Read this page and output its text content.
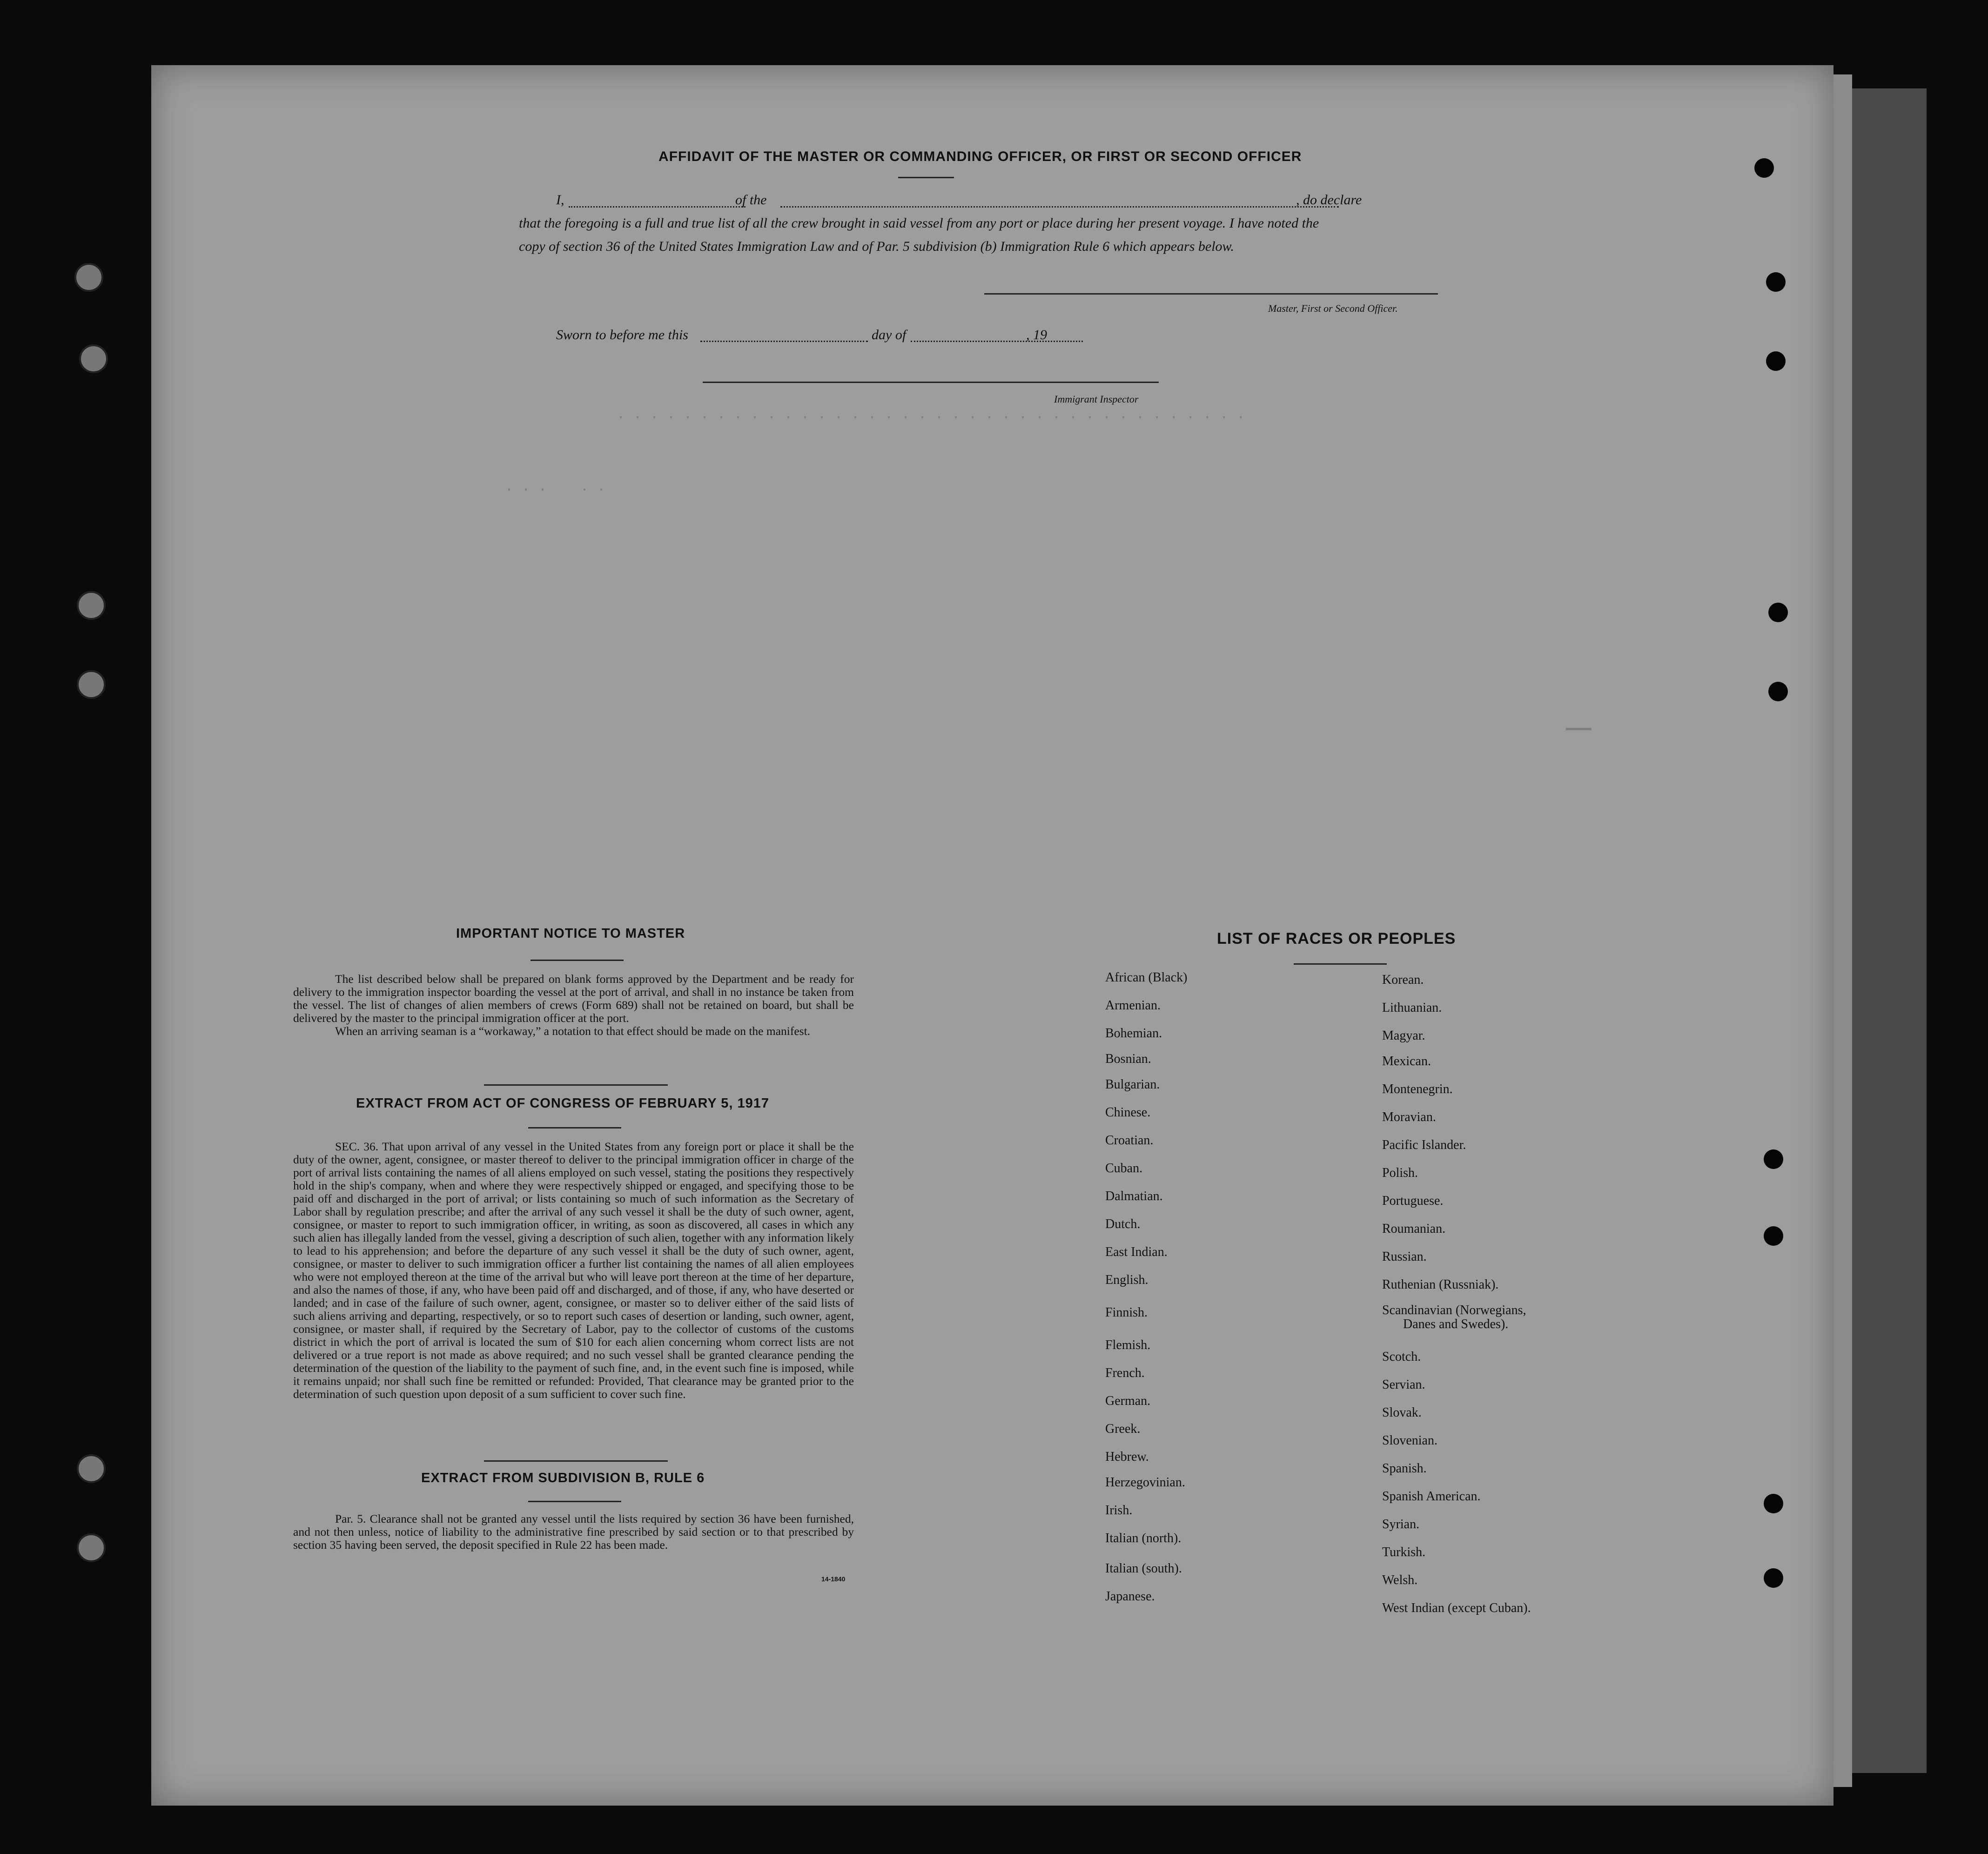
. . . . . . . . . . . . . . . . . . . . . . . . . . . . . . . . . . . . . .
. . .    . .
━━━
AFFIDAVIT OF THE MASTER OR COMMANDING OFFICER, OR FIRST OR SECOND OFFICER
I,	of the	, do declare
that the foregoing is a full and true list of all the crew brought in said vessel from any port or place during her present voyage. I have noted the
copy of section 36 of the United States Immigration Law and of Par. 5 subdivision (b) Immigration Rule 6 which appears below.
Master, First or Second Officer.
Sworn to before me this	day of	, 19
Immigrant Inspector
IMPORTANT NOTICE TO MASTER
The list described below shall be prepared on blank forms approved by the Department and be ready for delivery to the immigration inspector boarding the vessel at the port of arrival, and shall in no instance be taken from the vessel. The list of changes of alien members of crews (Form 689) shall not be retained on board, but shall be delivered by the master to the principal immigration officer at the port.
When an arriving seaman is a “workaway,” a notation to that effect should be made on the manifest.
EXTRACT FROM ACT OF CONGRESS OF FEBRUARY 5, 1917
SEC. 36. That upon arrival of any vessel in the United States from any foreign port or place it shall be the duty of the owner, agent, consignee, or master thereof to deliver to the principal immigration officer in charge of the port of arrival lists containing the names of all aliens employed on such vessel, stating the positions they respectively hold in the ship's company, when and where they were respectively shipped or engaged, and specifying those to be paid off and discharged in the port of arrival; or lists containing so much of such information as the Secretary of Labor shall by regulation prescribe; and after the arrival of any such vessel it shall be the duty of such owner, agent, consignee, or master to report to such immigration officer, in writing, as soon as discovered, all cases in which any such alien has illegally landed from the vessel, giving a description of such alien, together with any information likely to lead to his apprehension; and before the departure of any such vessel it shall be the duty of such owner, agent, consignee, or master to deliver to such immigration officer a further list containing the names of all alien employees who were not employed thereon at the time of the arrival but who will leave port thereon at the time of her departure, and also the names of those, if any, who have been paid off and discharged, and of those, if any, who have deserted or landed; and in case of the failure of such owner, agent, consignee, or master so to deliver either of the said lists of such aliens arriving and departing, respectively, or so to report such cases of desertion or landing, such owner, agent, consignee, or master shall, if required by the Secretary of Labor, pay to the collector of customs of the customs district in which the port of arrival is located the sum of $10 for each alien concerning whom correct lists are not delivered or a true report is not made as above required; and no such vessel shall be granted clearance pending the determination of the question of the liability to the payment of such fine, and, in the event such fine is imposed, while it remains unpaid; nor shall such fine be remitted or refunded: Provided, That clearance may be granted prior to the determination of such question upon deposit of a sum sufficient to cover such fine.
EXTRACT FROM SUBDIVISION B, RULE 6
Par. 5. Clearance shall not be granted any vessel until the lists required by section 36 have been furnished, and not then unless, notice of liability to the administrative fine prescribed by said section or to that prescribed by section 35 having been served, the deposit specified in Rule 22 has been made.
14-1840
LIST OF RACES OR PEOPLES
African (Black)
Armenian.
Bohemian.
Bosnian.
Bulgarian.
Chinese.
Croatian.
Cuban.
Dalmatian.
Dutch.
East Indian.
English.
Finnish.
Flemish.
French.
German.
Greek.
Hebrew.
Herzegovinian.
Irish.
Italian (north).
Italian (south).
Japanese.
Korean.
Lithuanian.
Magyar.
Mexican.
Montenegrin.
Moravian.
Pacific Islander.
Polish.
Portuguese.
Roumanian.
Russian.
Ruthenian (Russniak).
Scandinavian (Norwegians,
Danes and Swedes).
Scotch.
Servian.
Slovak.
Slovenian.
Spanish.
Spanish American.
Syrian.
Turkish.
Welsh.
West Indian (except Cuban).
